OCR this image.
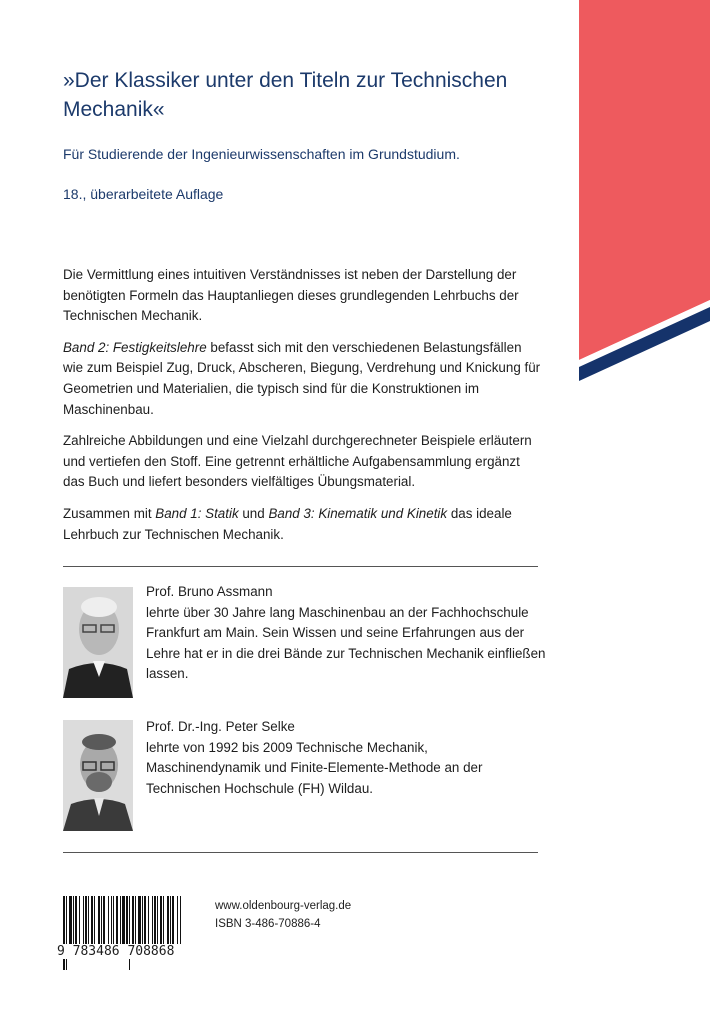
»Der Klassiker unter den Titeln zur Technischen Mechanik«

Für Studierende der Ingenieurwissenschaften im Grundstudium.

18., überarbeitete Auflage

Die Vermittlung eines intuitiven Verständnisses ist neben der Darstellung der benötigten Formeln das Hauptanliegen dieses grundlegenden Lehrbuchs der Technischen Mechanik.

Band 2: Festigkeitslehre befasst sich mit den verschiedenen Belastungsfällen wie zum Beispiel Zug, Druck, Abscheren, Biegung, Verdrehung und Knickung für Geometrien und Materialien, die typisch sind für die Konstruktionen im Maschinenbau.

Zahlreiche Abbildungen und eine Vielzahl durchgerechneter Beispiele erläutern und vertiefen den Stoff. Eine getrennt erhältliche Aufgabensammlung ergänzt das Buch und liefert besonders vielfältiges Übungsmaterial.

Zusammen mit Band 1: Statik und Band 3: Kinematik und Kinetik das ideale Lehrbuch zur Technischen Mechanik.

Prof. Bruno Assmann
lehrte über 30 Jahre lang Maschinenbau an der Fachhochschule Frankfurt am Main. Sein Wissen und seine Erfahrungen aus der Lehre hat er in die drei Bände zur Technischen Mechanik einfließen lassen.
Prof. Dr.-Ing. Peter Selke
lehrte von 1992 bis 2009 Technische Mechanik, Maschinendynamik und Finite-Elemente-Methode an der Technischen Hochschule (FH) Wildau.
9 783486 708868
www.oldenbourg-verlag.de
ISBN 3-486-70886-4
